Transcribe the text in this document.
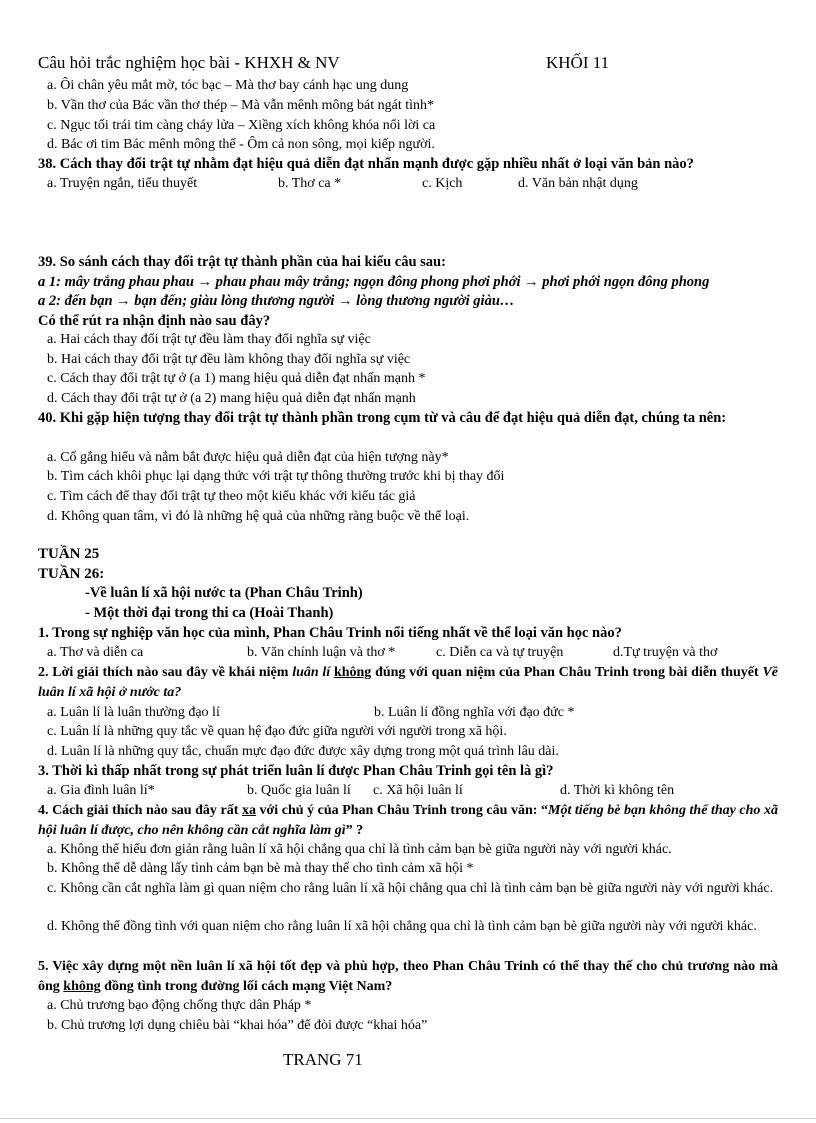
Câu hỏi trắc nghiệm học bài - KHXH & NV	KHỐI 11
a. Ôi chân yêu mắt mờ, tóc bạc – Mà thơ bay cánh hạc ung dung
b. Vần thơ của Bác vần thơ thép – Mà vẫn mênh mông bát ngát tình*
c. Ngục tối trái tim càng cháy lửa – Xiềng xích không khóa nổi lời ca
d. Bác ơi tim Bác mênh mông thế - Ôm cả non sông, mọi kiếp người.
38. Cách thay đổi trật tự nhằm đạt hiệu quả diễn đạt nhấn mạnh được gặp nhiều nhất ở loại văn bản nào?
a. Truyện ngắn, tiểu thuyết	b. Thơ ca *	c. Kịch	d. Văn bản nhật dụng
39. So sánh cách thay đổi trật tự thành phần của hai kiểu câu sau:
a 1: mây trắng phau phau → phau phau mây trắng; ngọn đông phong phơi phới → phơi phới ngọn đông phong
a 2: đến bạn → bạn đến; giàu lòng thương người → lòng thương người giàu…
Có thể rút ra nhận định nào sau đây?
a. Hai cách thay đổi trật tự đều làm thay đổi nghĩa sự việc
b. Hai cách thay đổi trật tự đều làm không thay đổi nghĩa sự việc
c. Cách thay đổi trật tự ở (a 1) mang hiệu quả diễn đạt nhấn mạnh *
d. Cách thay đổi trật tự ở (a 2) mang hiệu quả diễn đạt nhấn mạnh
40. Khi gặp hiện tượng thay đổi trật tự thành phần trong cụm từ và câu để đạt hiệu quả diễn đạt, chúng ta nên:
a. Cố gắng hiểu và nắm bắt được hiệu quả diễn đạt của hiện tượng này*
b. Tìm cách khôi phục lại dạng thức với trật tự thông thường trước khi bị thay đổi
c. Tìm cách để thay đổi trật tự theo một kiểu khác với kiểu tác giả
d. Không quan tâm, vì đó là những hệ quả của những ràng buộc về thể loại.
TUẦN 25
TUẦN 26:
-Về luân lí xã hội nước ta (Phan Châu Trinh)
- Một thời đại trong thi ca (Hoài Thanh)
1. Trong sự nghiệp văn học của mình, Phan Châu Trinh nổi tiếng nhất về thể loại văn học nào?
a. Thơ và diễn ca	b. Văn chính luận và thơ *	c. Diễn ca và tự truyện	d.Tự truyện và thơ
2. Lời giải thích nào sau đây về khái niệm luân lí không đúng với quan niệm của Phan Châu Trinh trong bài diễn thuyết Về luân lí xã hội ở nước ta?
a. Luân lí là luân thường đạo lí	b. Luân lí đồng nghĩa với đạo đức *
c. Luân lí là những quy tắc về quan hệ đạo đức giữa người với người trong xã hội.
d. Luân lí là những quy tắc, chuẩn mực đạo đức được xây dựng trong một quá trình lâu dài.
3. Thời kì thấp nhất trong sự phát triển luân lí được Phan Châu Trinh gọi tên là gì?
a. Gia đình luân lí*	b. Quốc gia luân lí c. Xã hội luân lí	d. Thời kì không tên
4. Cách giải thích nào sau đây rất xa với chủ ý của Phan Châu Trinh trong câu văn: “Một tiếng bè bạn không thể thay cho xã hội luân lí được, cho nên không cần cắt nghĩa làm gì” ?
a. Không thể hiểu đơn giản rằng luân lí xã hội chẳng qua chỉ là tình cảm bạn bè giữa người này với người khác.
b. Không thể dễ dàng lấy tình cảm bạn bè mà thay thế cho tình cảm xã hội *
c. Không cần cắt nghĩa làm gì quan niệm cho rằng luân lí xã hội chẳng qua chỉ là tình cảm bạn bè giữa người này với người khác.
d. Không thể đồng tình với quan niệm cho rằng luân lí xã hội chẳng qua chỉ là tình cảm bạn bè giữa người này với người khác.
5. Việc xây dựng một nền luân lí xã hội tốt đẹp và phù hợp, theo Phan Châu Trinh có thể thay thế cho chủ trương nào mà ông không đồng tình trong đường lối cách mạng Việt Nam?
a. Chủ trương bạo động chống thực dân Pháp *
b. Chủ trương lợi dụng chiêu bài “khai hóa” để đòi được “khai hóa”
TRANG 71
